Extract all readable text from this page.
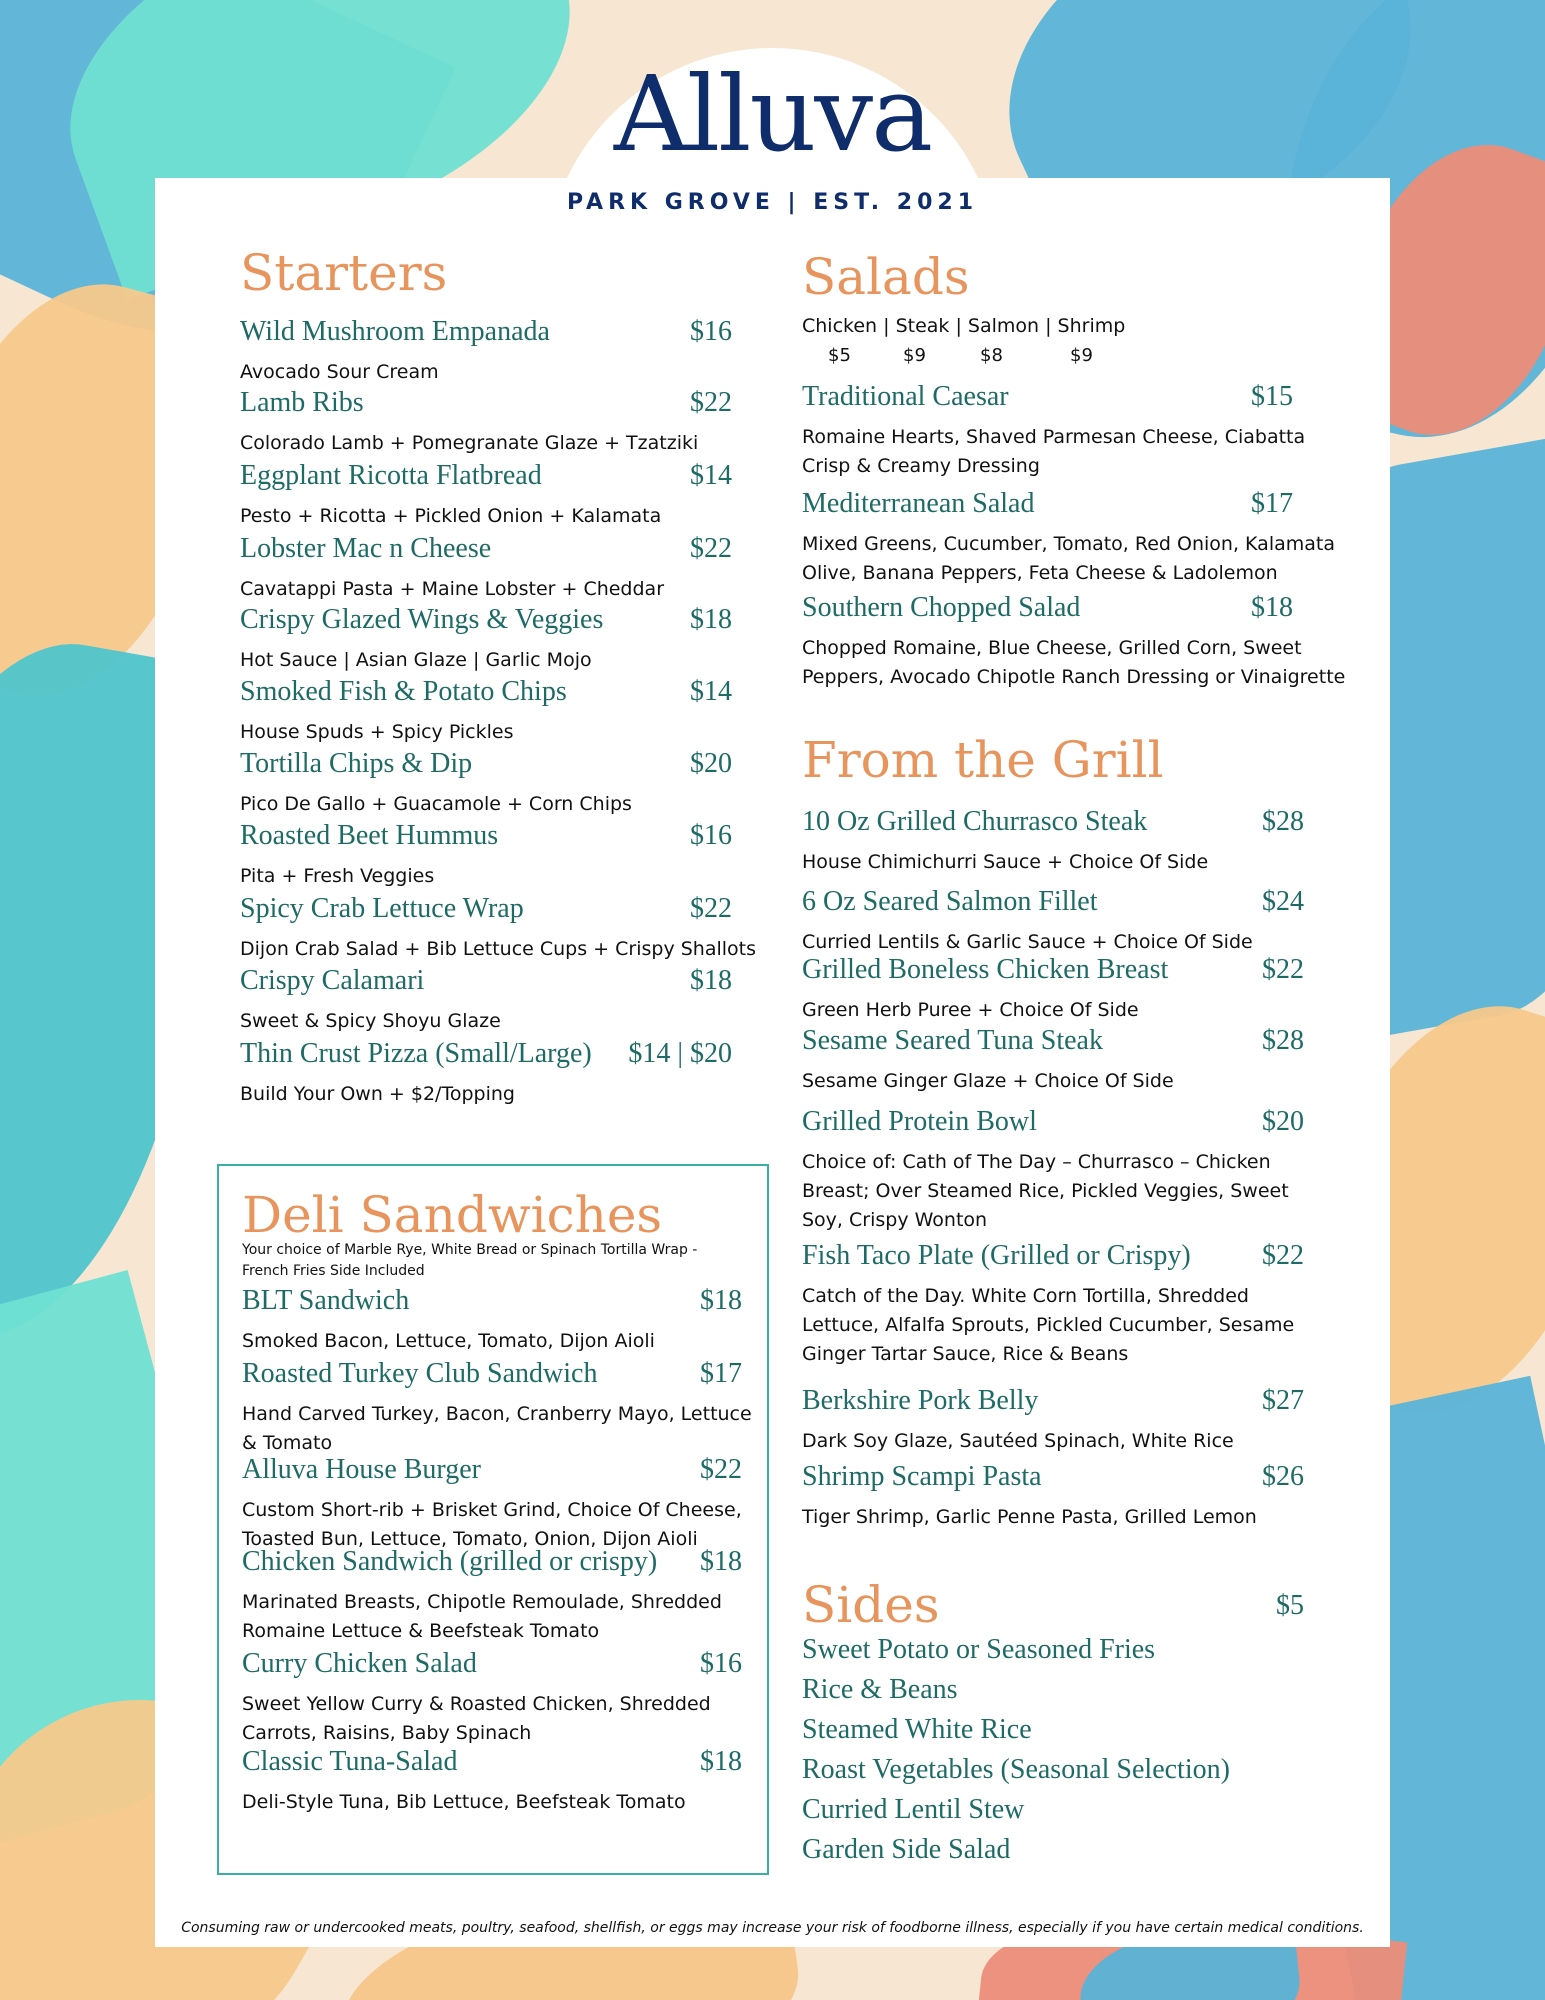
Alluva
PARK GROVE | EST. 2021
Starters
Wild Mushroom Empanada	$16
Avocado Sour Cream
Lamb Ribs	$22
Colorado Lamb + Pomegranate Glaze + Tzatziki
Eggplant Ricotta Flatbread	$14
Pesto + Ricotta + Pickled Onion + Kalamata
Lobster Mac n Cheese	$22
Cavatappi Pasta + Maine Lobster + Cheddar
Crispy Glazed Wings & Veggies	$18
Hot Sauce | Asian Glaze | Garlic Mojo
Smoked Fish & Potato Chips	$14
House Spuds + Spicy Pickles
Tortilla Chips & Dip	$20
Pico De Gallo + Guacamole + Corn Chips
Roasted Beet Hummus	$16
Pita + Fresh Veggies
Spicy Crab Lettuce Wrap	$22
Dijon Crab Salad + Bib Lettuce Cups + Crispy Shallots
Crispy Calamari	$18
Sweet & Spicy Shoyu Glaze
Thin Crust Pizza (Small/Large) $14 | $20
Build Your Own + $2/Topping
Deli Sandwiches
Your choice of Marble Rye, White Bread or Spinach Tortilla Wrap -
French Fries Side Included
BLT Sandwich	$18
Smoked Bacon, Lettuce, Tomato, Dijon Aioli
Roasted Turkey Club Sandwich	$17
Hand Carved Turkey, Bacon, Cranberry Mayo, Lettuce
& Tomato
Alluva House Burger	$22
Custom Short-rib + Brisket Grind, Choice Of Cheese,
Toasted Bun, Lettuce, Tomato, Onion, Dijon Aioli
Chicken Sandwich (grilled or crispy) $18
Marinated Breasts, Chipotle Remoulade, Shredded
Romaine Lettuce & Beefsteak Tomato
Curry Chicken Salad	$16
Sweet Yellow Curry & Roasted Chicken, Shredded
Carrots, Raisins, Baby Spinach
Classic Tuna-Salad	$18
Deli-Style Tuna, Bib Lettuce, Beefsteak Tomato
Salads
Chicken | Steak | Salmon | Shrimp
$5	$9	$8	$9
Traditional Caesar	$15
Romaine Hearts, Shaved Parmesan Cheese, Ciabatta
Crisp & Creamy Dressing
Mediterranean Salad	$17
Mixed Greens, Cucumber, Tomato, Red Onion, Kalamata
Olive, Banana Peppers, Feta Cheese & Ladolemon
Southern Chopped Salad	$18
Chopped Romaine, Blue Cheese, Grilled Corn, Sweet
Peppers, Avocado Chipotle Ranch Dressing or Vinaigrette
From the Grill
10 Oz Grilled Churrasco Steak	$28
House Chimichurri Sauce + Choice Of Side
6 Oz Seared Salmon Fillet	$24
Curried Lentils & Garlic Sauce + Choice Of Side
Grilled Boneless Chicken Breast	$22
Green Herb Puree + Choice Of Side
Sesame Seared Tuna Steak	$28
Sesame Ginger Glaze + Choice Of Side
Grilled Protein Bowl	$20
Choice of: Cath of The Day – Churrasco – Chicken
Breast; Over Steamed Rice, Pickled Veggies, Sweet
Soy, Crispy Wonton
Fish Taco Plate (Grilled or Crispy)	$22
Catch of the Day. White Corn Tortilla, Shredded
Lettuce, Alfalfa Sprouts, Pickled Cucumber, Sesame
Ginger Tartar Sauce, Rice & Beans
Berkshire Pork Belly	$27
Dark Soy Glaze, Sautéed Spinach, White Rice
Shrimp Scampi Pasta	$26
Tiger Shrimp, Garlic Penne Pasta, Grilled Lemon
Sides	$5
Sweet Potato or Seasoned Fries
Rice & Beans
Steamed White Rice
Roast Vegetables (Seasonal Selection)
Curried Lentil Stew
Garden Side Salad
Consuming raw or undercooked meats, poultry, seafood, shellfish, or eggs may increase your risk of foodborne illness, especially if you have certain medical conditions.
